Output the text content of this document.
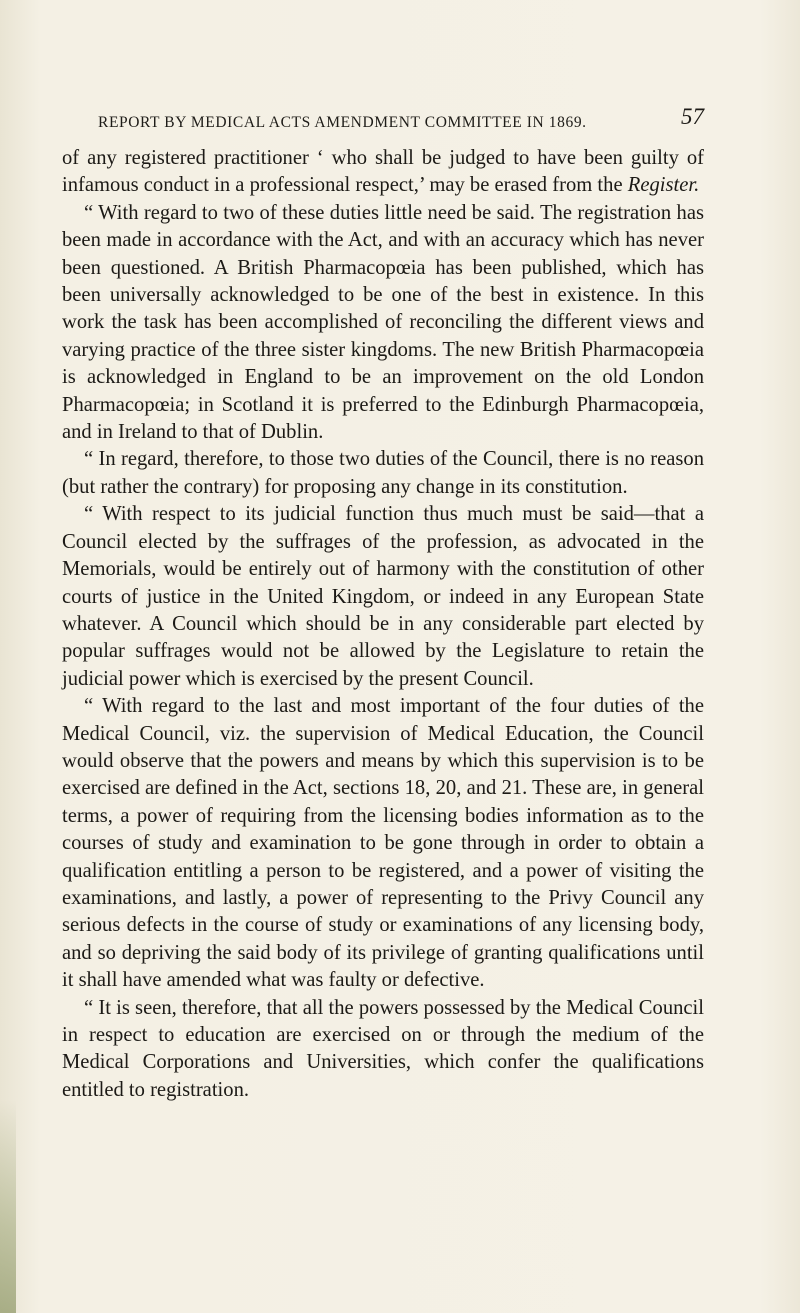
REPORT BY MEDICAL ACTS AMENDMENT COMMITTEE IN 1869.	57

of any registered practitioner ‘ who shall be judged to have been guilty of infamous conduct in a professional respect,’ may be erased from the Register.

“ With regard to two of these duties little need be said. The registration has been made in accordance with the Act, and with an accuracy which has never been questioned. A British Pharmacopœia has been published, which has been universally acknowledged to be one of the best in existence. In this work the task has been accomplished of reconciling the different views and varying practice of the three sister kingdoms. The new British Pharmacopœia is acknowledged in England to be an improvement on the old London Pharmacopœia; in Scotland it is preferred to the Edinburgh Pharmacopœia, and in Ireland to that of Dublin.

“ In regard, therefore, to those two duties of the Council, there is no reason (but rather the contrary) for proposing any change in its constitution.

“ With respect to its judicial function thus much must be said—that a Council elected by the suffrages of the profession, as advocated in the Memorials, would be entirely out of harmony with the constitution of other courts of justice in the United Kingdom, or indeed in any European State whatever. A Council which should be in any considerable part elected by popular suffrages would not be allowed by the Legislature to retain the judicial power which is exercised by the present Council.

“ With regard to the last and most important of the four duties of the Medical Council, viz. the supervision of Medical Education, the Council would observe that the powers and means by which this supervision is to be exercised are defined in the Act, sections 18, 20, and 21. These are, in general terms, a power of requiring from the licensing bodies information as to the courses of study and examination to be gone through in order to obtain a qualification entitling a person to be registered, and a power of visiting the examinations, and lastly, a power of representing to the Privy Council any serious defects in the course of study or examinations of any licensing body, and so depriving the said body of its privilege of granting qualifications until it shall have amended what was faulty or defective.

“ It is seen, therefore, that all the powers possessed by the Medical Council in respect to education are exercised on or through the medium of the Medical Corporations and Universities, which confer the qualifications entitled to registration.
